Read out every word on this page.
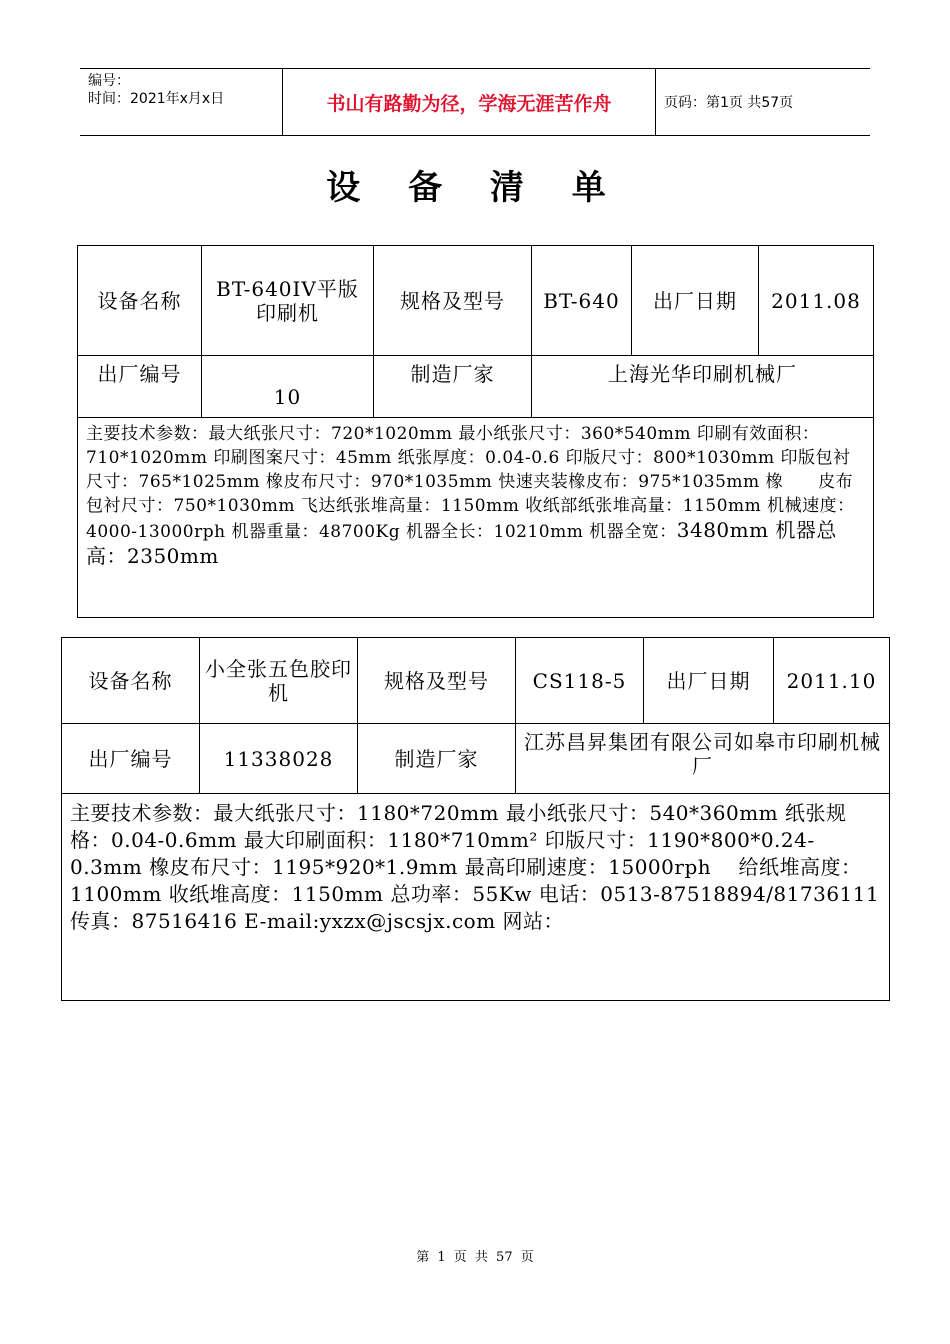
编号：
时间：2021年x月x日	书山有路勤为径，学海无涯苦作舟	页码：第1页 共57页
设 备 清 单
设备名称	BT-640IV平版印刷机	规格及型号	BT-640	出厂日期	2011.08
出厂编号	10	制造厂家	上海光华印刷机械厂		
主要技术参数：最大纸张尺寸：720*1020mm 最小纸张尺寸：360*540mm 印刷有效面积：710*1020mm 印刷图案尺寸：45mm 纸张厚度：0.04-0.6 印版尺寸：800*1030mm 印版包衬尺寸：765*1025mm 橡皮布尺寸：970*1035mm 快速夹装橡皮布：975*1035mm 橡　　皮布包衬尺寸：750*1030mm 飞达纸张堆高量：1150mm 收纸部纸张堆高量：1150mm 机械速度：4000-13000rph 机器重量：48700Kg 机器全长：10210mm 机器全宽：3480mm 机器总高：2350mm					
设备名称	小全张五色胶印机	规格及型号	CS118-5	出厂日期	2011.10
出厂编号	11338028	制造厂家	江苏昌昇集团有限公司如皋市印刷机械厂		
主要技术参数：最大纸张尺寸：1180*720mm 最小纸张尺寸：540*360mm 纸张规格：0.04-0.6mm 最大印刷面积：1180*710mm² 印版尺寸：1190*800*0.24-0.3mm 橡皮布尺寸：1195*920*1.9mm 最高印刷速度：15000rph　 给纸堆高度：1100mm 收纸堆高度：1150mm 总功率：55Kw 电话：0513-87518894/81736111 传真：87516416 E-mail:yxzx@jscsjx.com 网站：					
第 1 页 共 57 页
